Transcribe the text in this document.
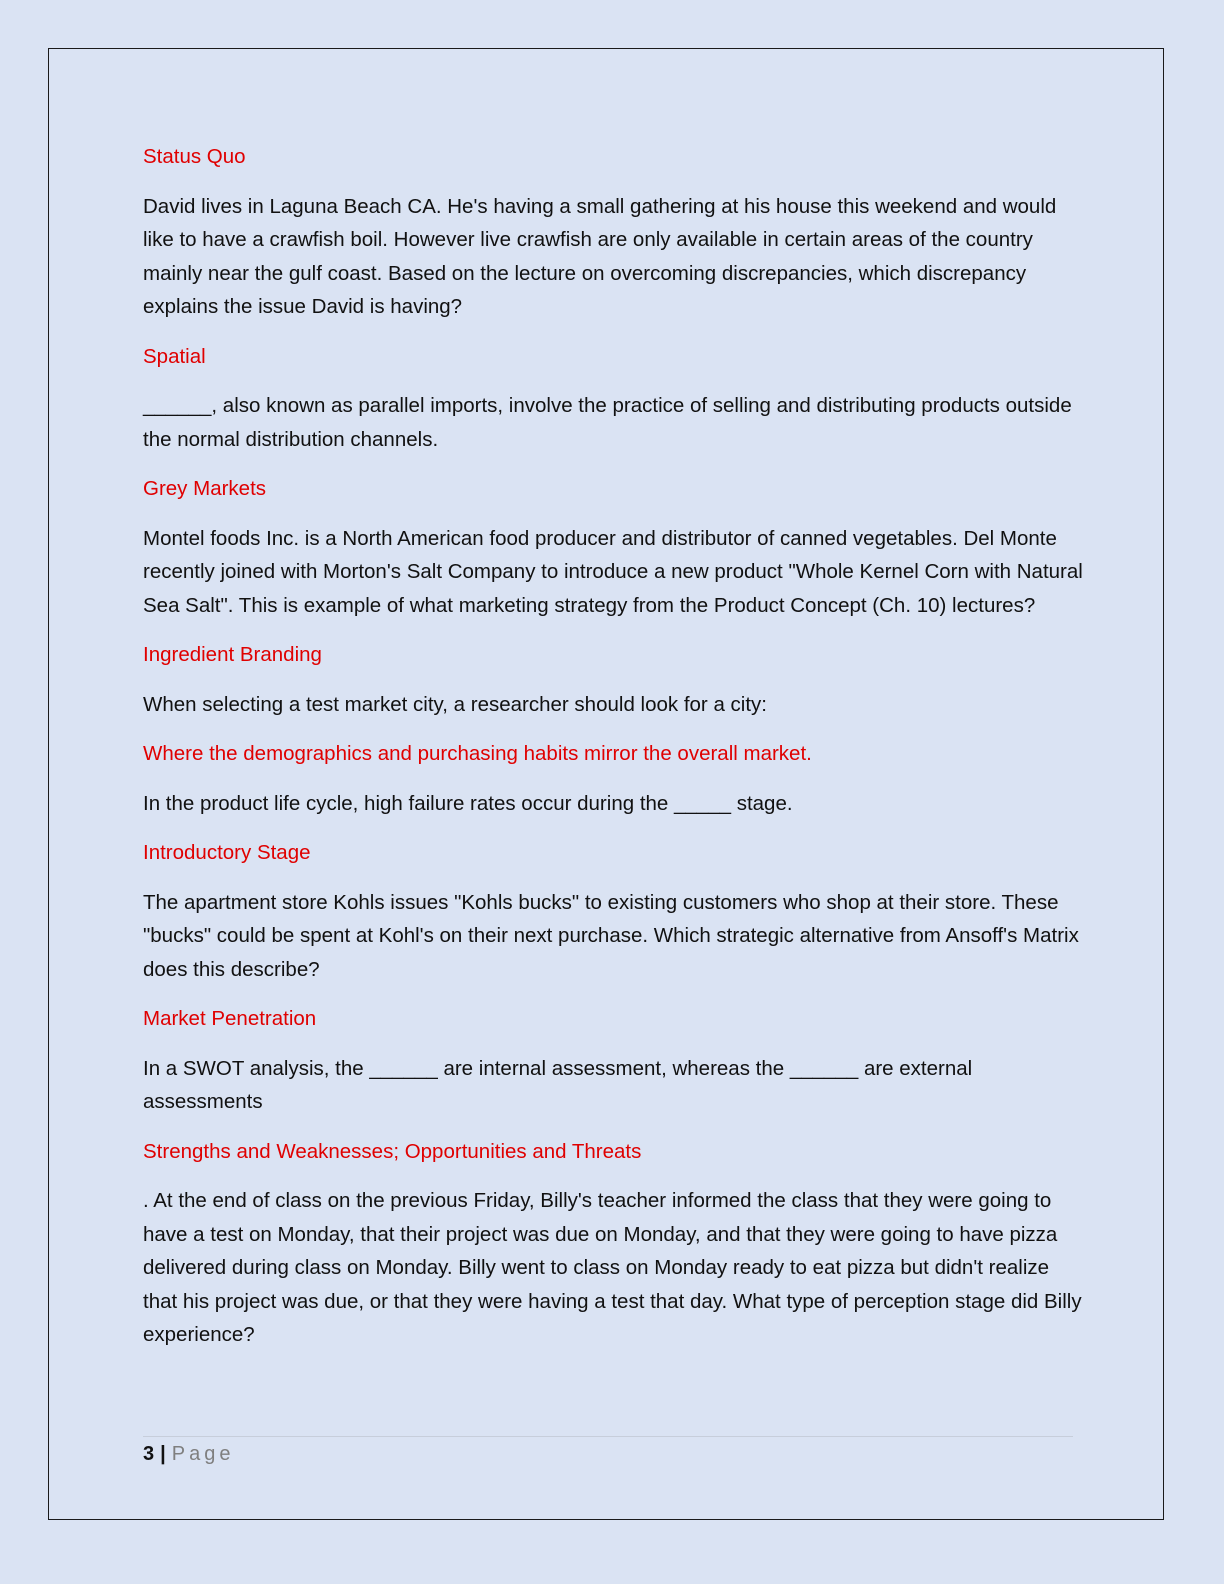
Status Quo

David lives in Laguna Beach CA. He's having a small gathering at his house this weekend and would like to have a crawfish boil. However live crawfish are only available in certain areas of the country mainly near the gulf coast. Based on the lecture on overcoming discrepancies, which discrepancy explains the issue David is having?

Spatial

______, also known as parallel imports, involve the practice of selling and distributing products outside the normal distribution channels.

Grey Markets

Montel foods Inc. is a North American food producer and distributor of canned vegetables. Del Monte recently joined with Morton's Salt Company to introduce a new product "Whole Kernel Corn with Natural Sea Salt". This is example of what marketing strategy from the Product Concept (Ch. 10) lectures?

Ingredient Branding

When selecting a test market city, a researcher should look for a city:

Where the demographics and purchasing habits mirror the overall market.

In the product life cycle, high failure rates occur during the _____ stage.

Introductory Stage

The apartment store Kohls issues "Kohls bucks" to existing customers who shop at their store. These "bucks" could be spent at Kohl's on their next purchase. Which strategic alternative from Ansoff's Matrix does this describe?

Market Penetration

In a SWOT analysis, the ______ are internal assessment, whereas the ______ are external assessments

Strengths and Weaknesses; Opportunities and Threats

. At the end of class on the previous Friday, Billy's teacher informed the class that they were going to have a test on Monday, that their project was due on Monday, and that they were going to have pizza delivered during class on Monday. Billy went to class on Monday ready to eat pizza but didn't realize that his project was due, or that they were having a test that day. What type of perception stage did Billy experience?

3 | Page
